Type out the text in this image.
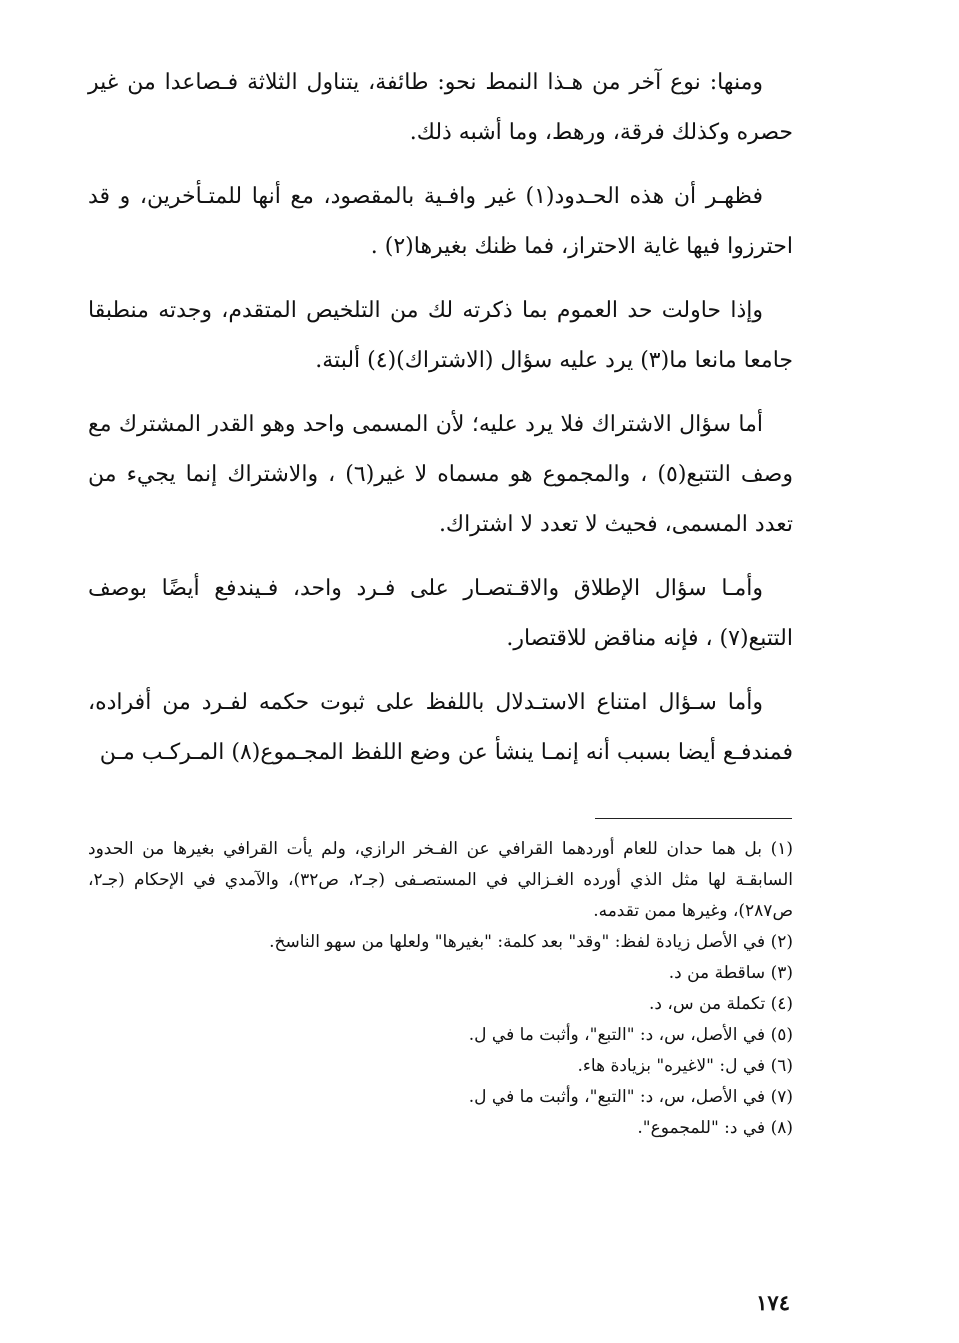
ومنها: نوع آخر من هـذا النمط نحو: طائفة، يتناول الثلاثة فـصاعدا من غير حصره وكذلك فرقة، ورهط، وما أشبه ذلك.

فظهـر أن هذه الحـدود(١) غير وافـية بالمقصود، مع أنها للمتـأخرين، و قد احترزوا فيها غاية الاحتراز، فما ظنك بغيرها(٢) .

وإذا حاولت حد العموم بما ذكرته لك من التلخيص المتقدم، وجدته منطبقا جامعا مانعا ما(٣) يرد عليه سؤال (الاشتراك)(٤) ألبتة.

أما سؤال الاشتراك فلا يرد عليه؛ لأن المسمى واحد وهو القدر المشترك مع وصف التتبع(٥) ، والمجموع هو مسماه لا غير(٦) ، والاشتراك إنما يجيء من تعدد المسمى، فحيث لا تعدد لا اشتراك.

وأمـا سؤال الإطلاق والاقـتصـار على فـرد واحد، فـيندفع أيضًا بوصف التتبع(٧) ، فإنه مناقض للاقتصار.

وأما سـؤال امتناع الاستـدلال باللفظ على ثبوت حكمه لفـرد من أفراده، فمندفـع أيضا بسبب أنه إنمـا ينشأ عن وضع اللفظ المجـموع(٨) المـركـب مـن

(١) بل هما حدان للعام أوردهما القرافي عن الفـخر الرازي، ولم يأت القرافي بغيرها من الحدود السابقـة لها مثل الذي أورده الغـزالي في المستصـفى (جـ٢، ص٣٢)، والآمدي في الإحكام (جـ٢، ص٢٨٧)، وغيرها ممن تقدمه.

(٢) في الأصل زيادة لفظ: "وقد" بعد كلمة: "بغيرها" ولعلها من سهو الناسخ.

(٣) ساقطة من د.

(٤) تكملة من س، د.

(٥) في الأصل، س، د: "التبع"، وأثبت ما في ل.

(٦) في ل: "لاغيره" بزيادة هاء.

(٧) في الأصل، س، د: "التبع"، وأثبت ما في ل.

(٨) في د: "للمجموع".

١٧٤
